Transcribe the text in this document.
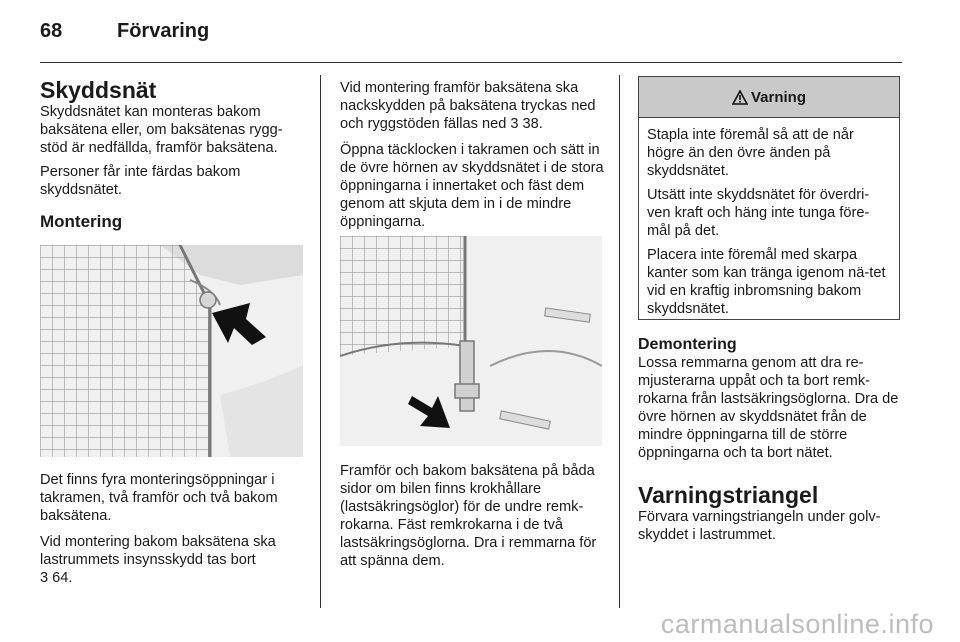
68	Förvaring
Skyddsnät

Skyddsnätet kan monteras bakom baksätena eller, om baksätenas rygg-stöd är nedfällda, framför baksätena.

Personer får inte färdas bakom skyddsnätet.

Montering

Det finns fyra monteringsöppningar i takramen, två framför och två bakom baksätena.

Vid montering bakom baksätena ska lastrummets insynsskydd tas bort
3 64.

Vid montering framför baksätena ska nackskydden på baksätena tryckas ned och ryggstöden fällas ned 3 38.

Öppna täcklocken i takramen och sätt in de övre hörnen av skyddsnätet i de stora öppningarna i innertaket och fäst dem genom att skjuta dem in i de mindre öppningarna.

Framför och bakom baksätena på båda sidor om bilen finns krokhållare (lastsäkringsöglor) för de undre remk-rokarna. Fäst remkrokarna i de två lastsäkringsöglorna. Dra i remmarna för att spänna dem.

Varning

Stapla inte föremål så att de når högre än den övre änden på skyddsnätet.

Utsätt inte skyddsnätet för överdri-ven kraft och häng inte tunga före-mål på det.

Placera inte föremål med skarpa kanter som kan tränga igenom nä-tet vid en kraftig inbromsning bakom skyddsnätet.

Demontering

Lossa remmarna genom att dra re-mjusterarna uppåt och ta bort remk-rokarna från lastsäkringsöglorna. Dra de övre hörnen av skyddsnätet från de mindre öppningarna till de större öppningarna och ta bort nätet.

Varningstriangel

Förvara varningstriangeln under golv-skyddet i lastrummet.

carmanualsonline.info
